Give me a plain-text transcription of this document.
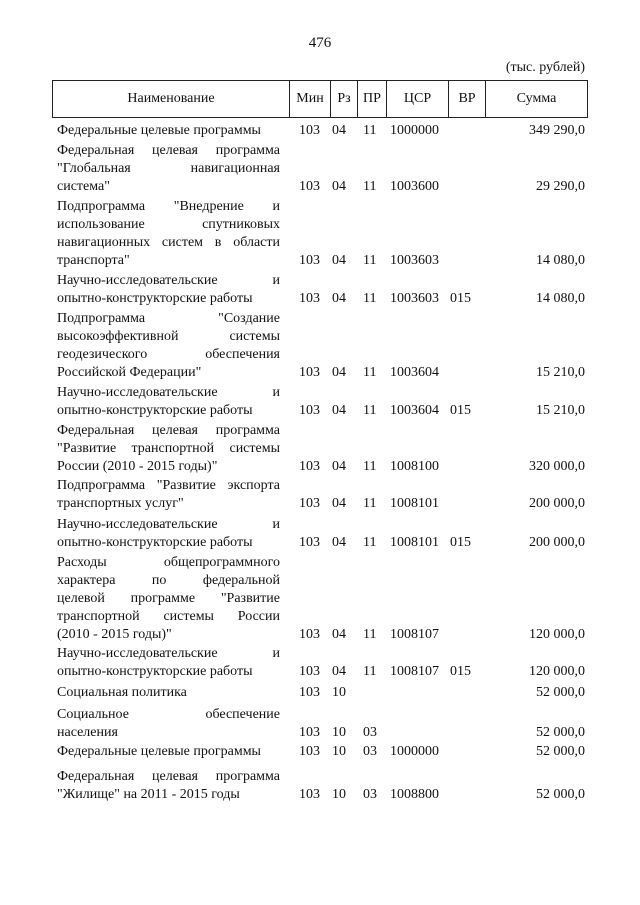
476
(тыс. рублей)
Наименование	Мин Рз ПР	ЦСР	ВР	Сумма
Федеральные целевые программы	103 04 11 1000000	349 290,0
Федеральная целевая программа
"Глобальная навигационная
система"	103 04 11 1003600	29 290,0
Подпрограмма "Внедрение и
использование спутниковых
навигационных систем в области
транспорта"	103 04 11 1003603	14 080,0
Научно-исследовательские и
опытно-конструкторские работы	103 04 11 1003603 015	14 080,0
Подпрограмма "Создание
высокоэффективной системы
геодезического обеспечения
Российской Федерации"	103 04 11 1003604	15 210,0
Научно-исследовательские и
опытно-конструкторские работы	103 04 11 1003604 015	15 210,0
Федеральная целевая программа
"Развитие транспортной системы
России (2010 - 2015 годы)"	103 04 11 1008100	320 000,0
Подпрограмма "Развитие экспорта
транспортных услуг"	103 04 11 1008101	200 000,0
Научно-исследовательские и
опытно-конструкторские работы	103 04 11 1008101 015	200 000,0
Расходы общепрограммного
характера по федеральной
целевой программе "Развитие
транспортной системы России
(2010 - 2015 годы)"	103 04 11 1008107	120 000,0
Научно-исследовательские и
опытно-конструкторские работы	103 04 11 1008107 015	120 000,0
Социальная политика	103 10	52 000,0
Социальное обеспечение
населения	103 10 03	52 000,0
Федеральные целевые программы	103 10 03 1000000	52 000,0
Федеральная целевая программа
"Жилище" на 2011 - 2015 годы	103 10 03 1008800	52 000,0
